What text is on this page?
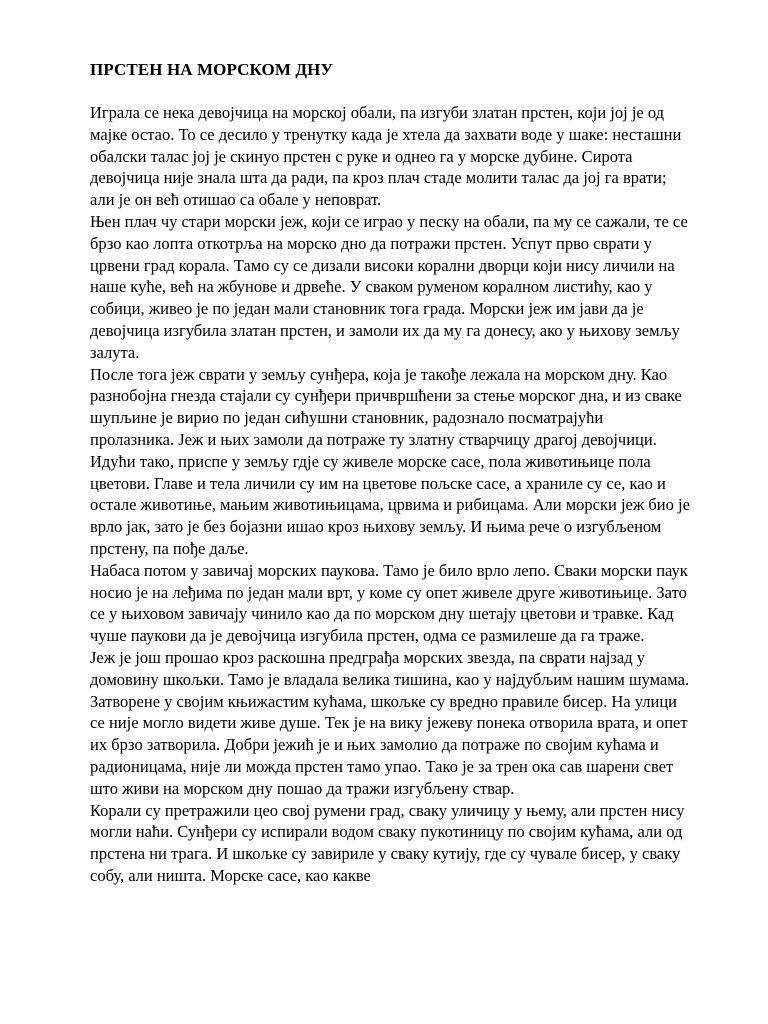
ПРСТЕН НА МОРСКОМ ДНУ

Играла се нека девојчица на морској обали, па изгуби златан прстен, који јој је од мајке остао. То се десило у тренутку када је хтела да захвати воде у шаке: несташни обалски талас јој је скинуо прстен с руке и однео га у морске дубине. Сирота девојчица није знала шта да ради, па кроз плач стаде молити талас да јој га врати; али је он већ отишао са обале у неповрат.

Њен плач чу стари морски јеж, који се играо у песку на обали, па му се сажали, те се брзо као лопта откотрља на морско дно да потражи прстен. Успут прво сврати у црвени град корала. Тамо су се дизали високи корални дворци који нису личили на наше куће, већ на жбунове и дрвеће. У сваком руменом коралном листићу, као у собици, живео је по један мали становник тога града. Морски јеж им јави да је девојчица изгубила златан прстен, и замоли их да му га донесу, ако у њихову земљу залута.

После тога јеж сврати у земљу сунђера, која је такође лежала на морском дну. Као разнобојна гнезда стајали су сунђери причвршћени за стење морског дна, и из сваке шупљине је вирио по један сићушни становник, радознало посматрајући пролазника. Јеж и њих замоли да потраже ту златну стварчицу драгој девојчици.

Идући тако, приспе у земљу гдје су живеле морске сасе, пола животињице пола цветови. Главе и тела личили су им на цветове пољске сасе, а храниле су се, као и остале животиње, мањим животињицама, црвима и рибицама. Али морски јеж био је врло јак, зато је без бојазни ишао кроз њихову земљу. И њима рече о изгубљеном прстену, па пође даље.

Набаса потом у завичај морских паукова. Тамо је било врло лепо. Сваки морски паук носио је на леђима по један мали врт, у коме су опет живеле друге животињице. Зато се у њиховом завичају чинило као да по морском дну шетају цветови и травке. Кад чуше паукови да је девојчица изгубила прстен, одма се размилеше да га траже.

Јеж је још прошао кроз раскошна предграђа морских звезда, па сврати најзад у домовину шкољки. Тамо је владала велика тишина, као у најдубљим нашим шумама. Затворене у својим књижастим кућама, шкољке су вредно правиле бисер. На улици се није могло видети живе душе. Тек је на вику јежеву понека отворила врата, и опет их брзо затворила. Добри јежић је и њих замолио да потраже по својим кућама и радионицама, није ли можда прстен тамо упао. Тако је за трен ока сав шарени свет што живи на морском дну пошао да тражи изгубљену ствар.

Корали су претражили цео свој румени град, сваку уличицу у њему, али прстен нису могли наћи. Сунђери су испирали водом сваку пукотиницу по својим кућама, али од прстена ни трага. И шкољке су завириле у сваку кутију, где су чувале бисер, у сваку собу, али ништа. Морске сасе, као какве
